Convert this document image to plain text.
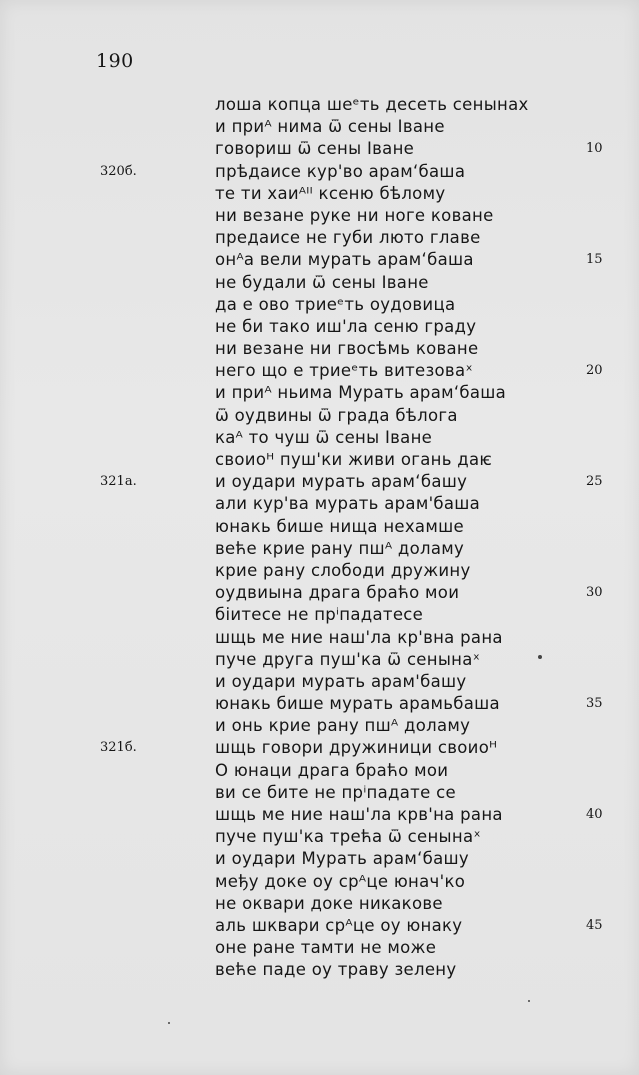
190
лоша копца шеᵉть десеть сенынах
и приᴬ нима ѿ сены Іване
говориш ѿ сены Іване	10
320б.	прѣдаисе кур'во арамʻбаша
те ти хаиᴬᴵᴵ ксеню бѣлому
ни везане руке ни ноге коване
предаисе не губи люто главе
онᴬа вели мурать арамʻбаша	15
не будали ѿ сены Іване
да е ово триеᵉть оудовица
не би тако иш'ла сеню граду
ни везане ни гвосѣмь коване
него що е триеᵉть витезоваˣ	20
и приᴬ ньима Мурать арамʻбаша
ѿ оудвины ѿ града бѣлога
каᴬ то чуш ѿ сены Іване
своиоᴴ пуш'ки живи огань даѥ
321а.	и оудари мурать арамʻбашу	25
али кур'ва мурать арам'баша
юнакь бише нища нехамше
веће крие рану пшᴬ доламу
крие рану слободи дружину
оудвиына драга браћо мои	30
біитесе не прⁱпадатесе
шщь ме ние наш'ла кр'вна рана
пуче друга пуш'ка ѿ сенынаˣ
и оудари мурать арам'башу
юнакь бише мурать арамьбаша	35
и онь крие рану пшᴬ доламу
321б.	шщь говори дружиници своиоᴴ
О юнаци драга браћо мои
ви се бите не прⁱпадате се
шщь ме ние наш'ла крв'на рана	40
пуче пуш'ка трећа ѿ сенынаˣ
и оудари Мурать арамʻбашу
међу доке оу срᴬце юнач'ко
не оквари доке никакове
аль шквари срᴬце оу юнаку	45
оне ране тамти не може
веће паде оу траву зелену
